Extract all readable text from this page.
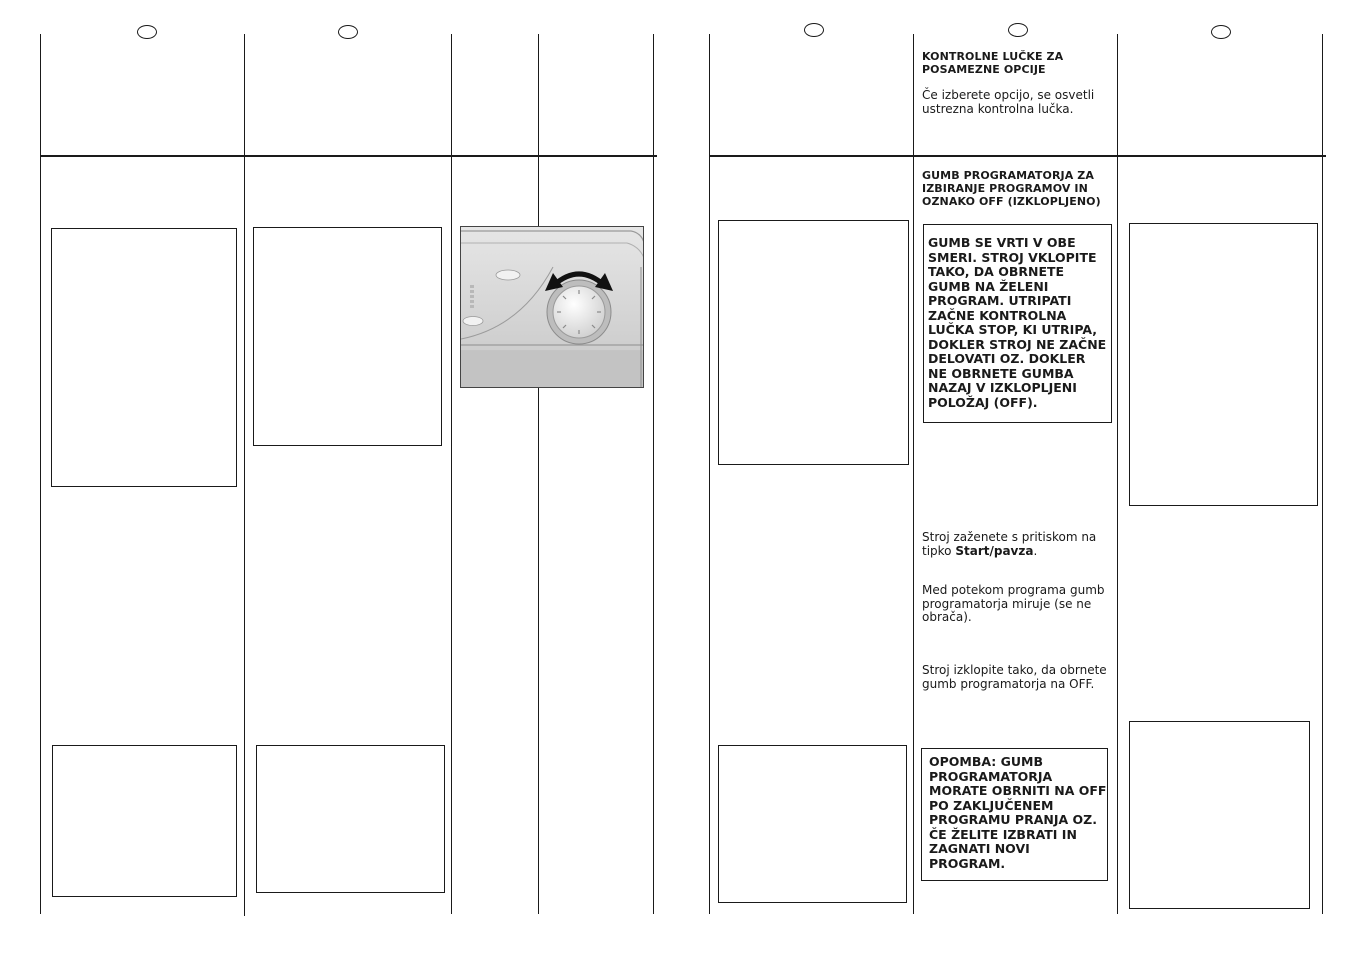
KONTROLNE LUČKE ZA POSAMEZNE OPCIJE
Če izberete opcijo, se osvetli ustrezna kontrolna lučka.
GUMB PROGRAMATORJA ZA IZBIRANJE PROGRAMOV IN OZNAKO OFF (IZKLOPLJENO)
GUMB SE VRTI V OBE SMERI. STROJ VKLOPITE TAKO, DA OBRNETE GUMB NA ŽELENI PROGRAM. UTRIPATI ZAČNE KONTROLNA LUČKA STOP, KI UTRIPA, DOKLER STROJ NE ZAČNE DELOVATI OZ. DOKLER NE OBRNETE GUMBA NAZAJ V IZKLOPLJENI POLOŽAJ (OFF).
Stroj zaženete s pritiskom na tipko Start/pavza.
Med potekom programa gumb programatorja miruje (se ne obrača).
Stroj izklopite tako, da obrnete gumb programatorja na OFF.
OPOMBA: GUMB PROGRAMATORJA MORATE OBRNITI NA OFF PO ZAKLJUČENEM PROGRAMU PRANJA OZ. ČE ŽELITE IZBRATI IN ZAGNATI NOVI PROGRAM.
